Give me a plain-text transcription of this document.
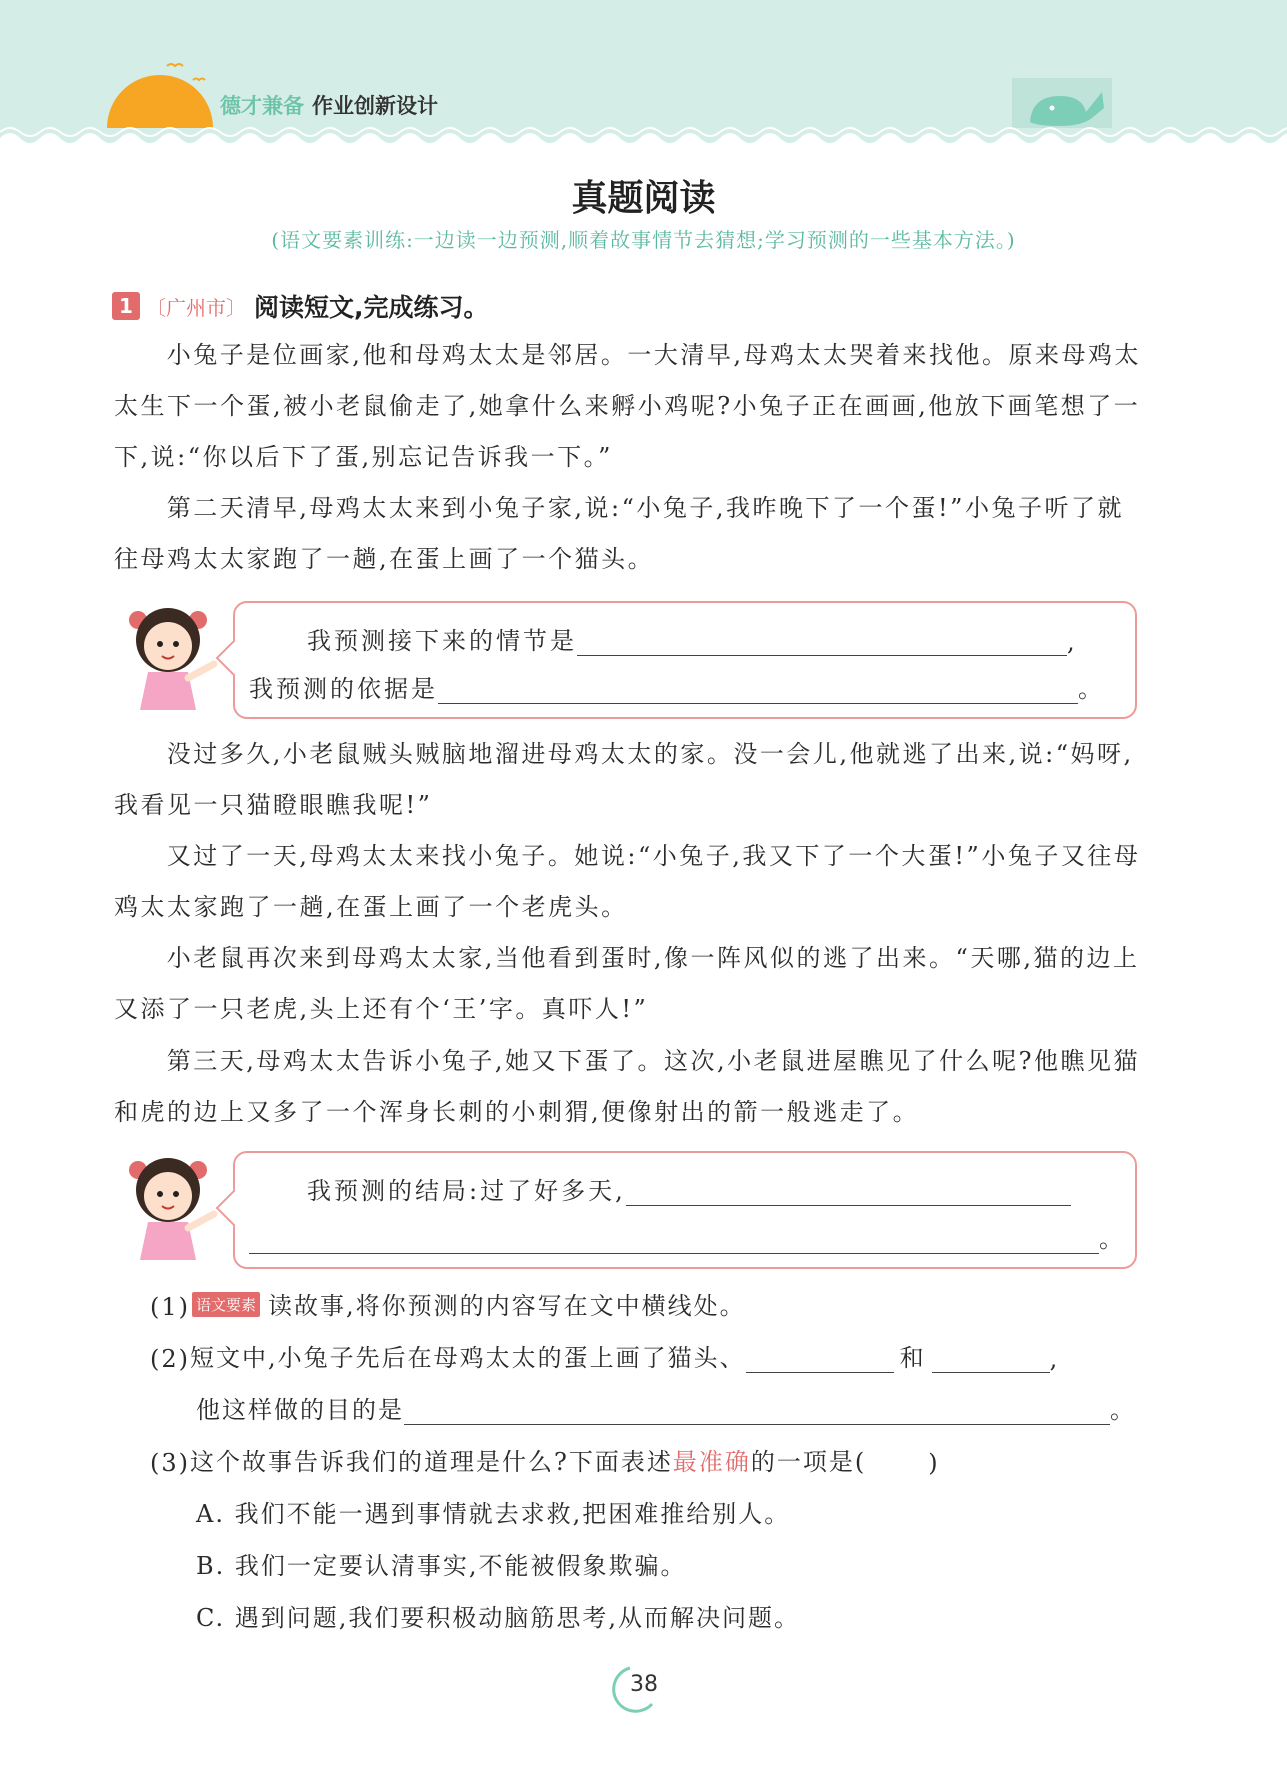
德才兼备 作业创新设计
真题阅读
(语文要素训练:一边读一边预测,顺着故事情节去猜想;学习预测的一些基本方法。)
1 〔广州市〕 阅读短文,完成练习。

小兔子是位画家,他和母鸡太太是邻居。一大清早,母鸡太太哭着来找他。原来母鸡太太生下一个蛋,被小老鼠偷走了,她拿什么来孵小鸡呢?小兔子正在画画,他放下画笔想了一下,说:“你以后下了蛋,别忘记告诉我一下。”

第二天清早,母鸡太太来到小兔子家,说:“小兔子,我昨晚下了一个蛋!”小兔子听了就往母鸡太太家跑了一趟,在蛋上画了一个猫头。

我预测接下来的情节是	,
我预测的依据是	。

没过多久,小老鼠贼头贼脑地溜进母鸡太太的家。没一会儿,他就逃了出来,说:“妈呀,我看见一只猫瞪眼瞧我呢!”

又过了一天,母鸡太太来找小兔子。她说:“小兔子,我又下了一个大蛋!”小兔子又往母鸡太太家跑了一趟,在蛋上画了一个老虎头。

小老鼠再次来到母鸡太太家,当他看到蛋时,像一阵风似的逃了出来。“天哪,猫的边上又添了一只老虎,头上还有个‘王’字。真吓人!”

第三天,母鸡太太告诉小兔子,她又下蛋了。这次,小老鼠进屋瞧见了什么呢?他瞧见猫和虎的边上又多了一个浑身长刺的小刺猬,便像射出的箭一般逃走了。

我预测的结局:过了好多天,
。
(1) 语文要素 读故事,将你预测的内容写在文中横线处。
(2) 短文中,小兔子先后在母鸡太太的蛋上画了猫头、	和	,
他这样做的目的是	。
(3) 这个故事告诉我们的道理是什么?下面表述 最准确 的一项是(	)
A. 我们不能一遇到事情就去求救,把困难推给别人。
B. 我们一定要认清事实,不能被假象欺骗。
C. 遇到问题,我们要积极动脑筋思考,从而解决问题。
38
